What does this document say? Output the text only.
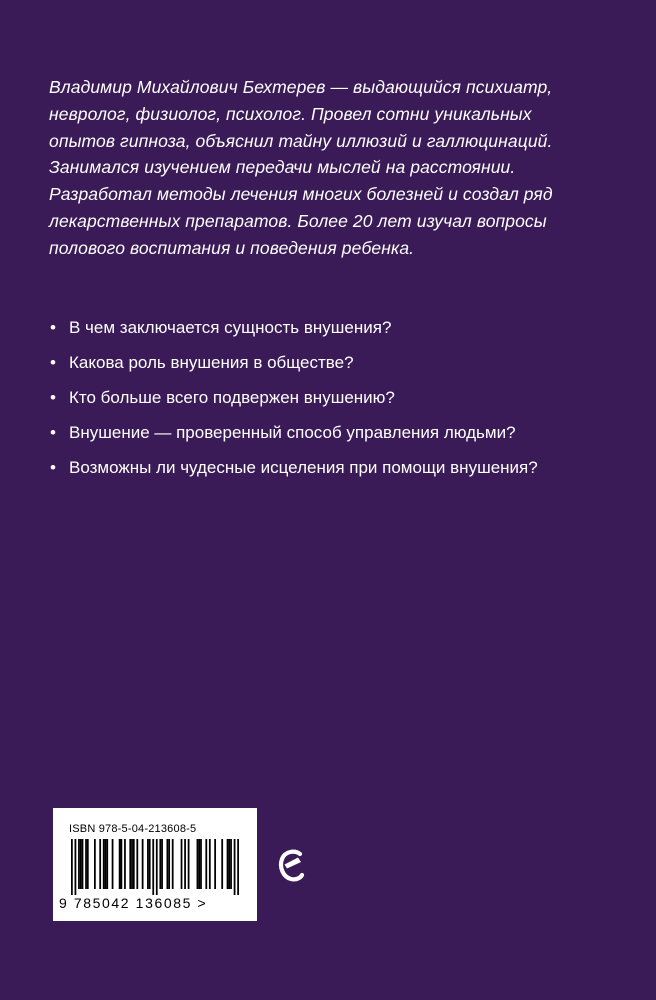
Владимир Михайлович Бехтерев — выдающийся психиатр,
невролог, физиолог, психолог. Провел сотни уникальных
опытов гипноза, объяснил тайну иллюзий и галлюцинаций.
Занимался изучением передачи мыслей на расстоянии.
Разработал методы лечения многих болезней и создал ряд
лекарственных препаратов. Более 20 лет изучал вопросы
полового воспитания и поведения ребенка.

• В чем заключается сущность внушения?
• Какова роль внушения в обществе?
• Кто больше всего подвержен внушению?
• Внушение — проверенный способ управления людьми?
• Возможны ли чудесные исцеления при помощи внушения?
ISBN 978-5-04-213608-5
9 785042 136085 >
